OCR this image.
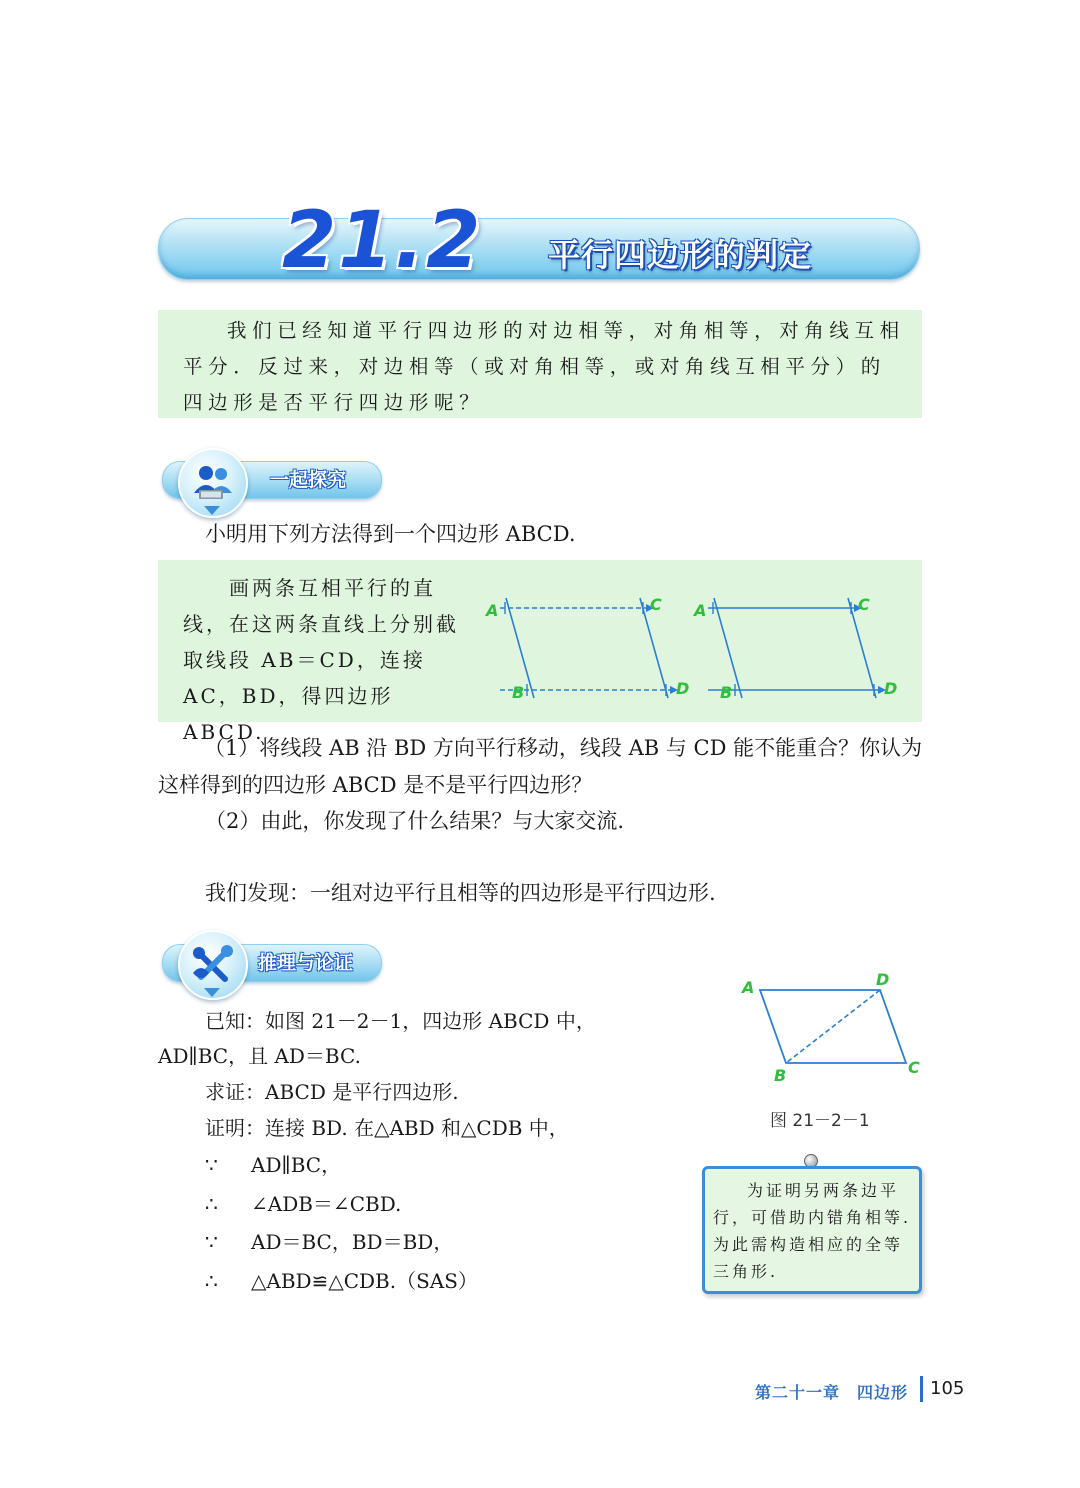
21.2 平行四边形的判定
我们已经知道平行四边形的对边相等，对角相等，对角线互相平分．反过来，对边相等（或对角相等，或对角线互相平分）的四边形是否平行四边形呢？
一起探究
小明用下列方法得到一个四边形 ABCD.
画两条互相平行的直线，在这两条直线上分别截取线段 AB＝CD，连接 AC，BD，得四边形 ABCD.
A
B
C
D
A
B
C
D
（1）将线段 AB 沿 BD 方向平行移动，线段 AB 与 CD 能不能重合？你认为这样得到的四边形 ABCD 是不是平行四边形？
（2）由此，你发现了什么结果？与大家交流.
我们发现：一组对边平行且相等的四边形是平行四边形.
推理与论证
已知：如图 21－2－1，四边形 ABCD 中，
AD∥BC，且 AD＝BC.
求证：ABCD 是平行四边形.
证明：连接 BD. 在△ABD 和△CDB 中，
∵ AD∥BC，
∴ ∠ADB＝∠CBD.
∵ AD＝BC，BD＝BD，
∴ △ABD≌△CDB.（SAS）
A	D
B	C
图 21－2－1
为证明另两条边平行，可借助内错角相等. 为此需构造相应的全等三角形.
第二十一章　四边形 105
